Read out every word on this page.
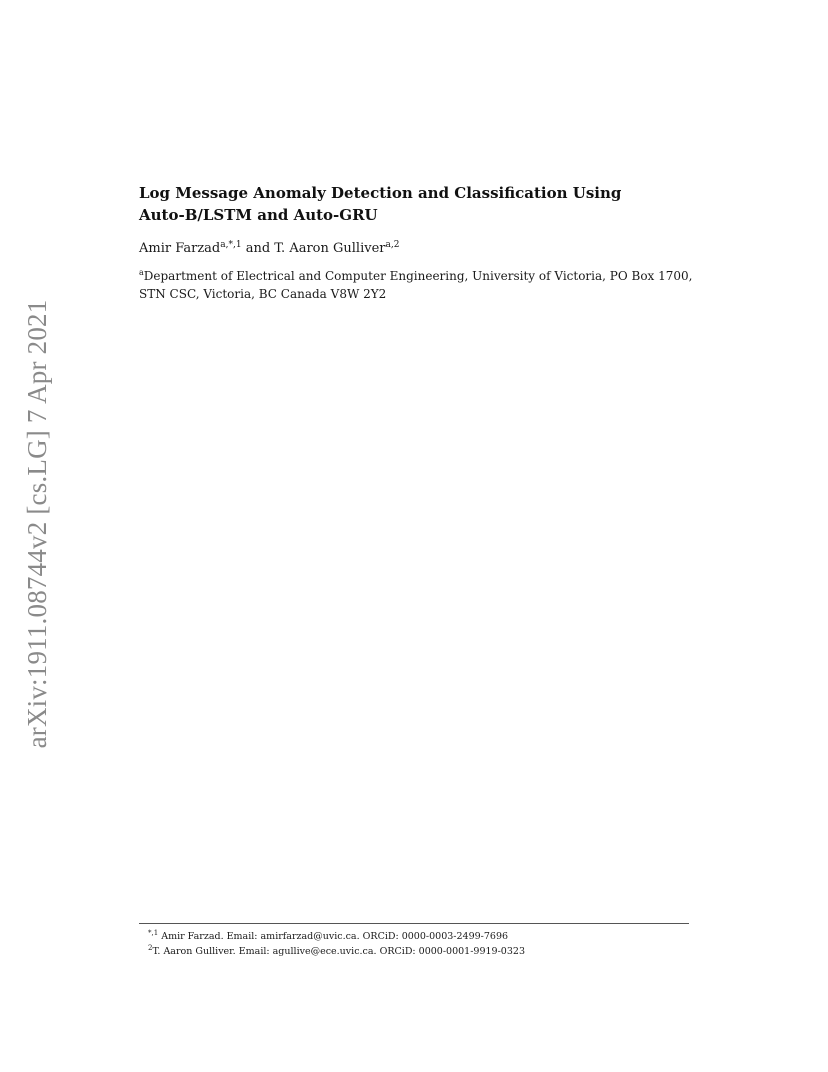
arXiv:1911.08744v2 [cs.LG] 7 Apr 2021
Log Message Anomaly Detection and Classification Using
Auto-B/LSTM and Auto-GRU
Amir Farzad$^{a,*,1}$ and T. Aaron Gulliver$^{a,2}$
$^a$Department of Electrical and Computer Engineering, University of Victoria, PO Box 1700,
STN CSC, Victoria, BC Canada V8W 2Y2
$^{*,1}$ Amir Farzad. Email: amirfarzad@uvic.ca. ORCiD: 0000-0003-2499-7696
$^2$T. Aaron Gulliver. Email: agullive@ece.uvic.ca. ORCiD: 0000-0001-9919-0323
